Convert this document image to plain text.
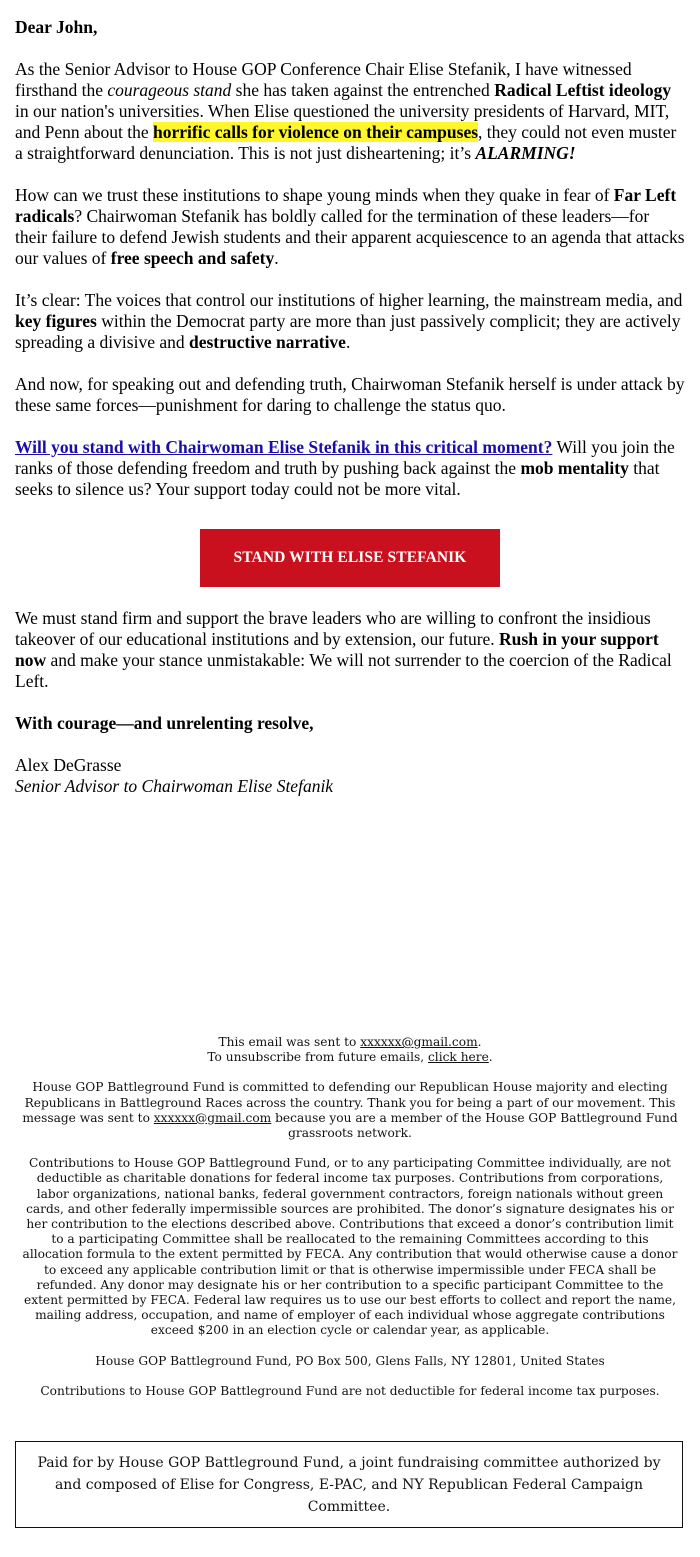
Dear John,

As the Senior Advisor to House GOP Conference Chair Elise Stefanik, I have witnessed firsthand the courageous stand she has taken against the entrenched Radical Leftist ideology in our nation's universities. When Elise questioned the university presidents of Harvard, MIT, and Penn about the horrific calls for violence on their campuses, they could not even muster a straightforward denunciation. This is not just disheartening; it’s ALARMING!

How can we trust these institutions to shape young minds when they quake in fear of Far Left radicals? Chairwoman Stefanik has boldly called for the termination of these leaders—for their failure to defend Jewish students and their apparent acquiescence to an agenda that attacks our values of free speech and safety.

It’s clear: The voices that control our institutions of higher learning, the mainstream media, and key figures within the Democrat party are more than just passively complicit; they are actively spreading a divisive and destructive narrative.

And now, for speaking out and defending truth, Chairwoman Stefanik herself is under attack by these same forces—punishment for daring to challenge the status quo.

Will you stand with Chairwoman Elise Stefanik in this critical moment? Will you join the ranks of those defending freedom and truth by pushing back against the mob mentality that seeks to silence us? Your support today could not be more vital.

STAND WITH ELISE STEFANIK

We must stand firm and support the brave leaders who are willing to confront the insidious takeover of our educational institutions and by extension, our future. Rush in your support now and make your stance unmistakable: We will not surrender to the coercion of the Radical Left.

With courage—and unrelenting resolve,

Alex DeGrasse

Senior Advisor to Chairwoman Elise Stefanik

This email was sent to xxxxxx@gmail.com.
To unsubscribe from future emails, click here.

House GOP Battleground Fund is committed to defending our Republican House majority and electing Republicans in Battleground Races across the country. Thank you for being a part of our movement. This message was sent to xxxxxx@gmail.com because you are a member of the House GOP Battleground Fund grassroots network.

Contributions to House GOP Battleground Fund, or to any participating Committee individually, are not deductible as charitable donations for federal income tax purposes. Contributions from corporations, labor organizations, national banks, federal government contractors, foreign nationals without green cards, and other federally impermissible sources are prohibited. The donor’s signature designates his or her contribution to the elections described above. Contributions that exceed a donor’s contribution limit to a participating Committee shall be reallocated to the remaining Committees according to this allocation formula to the extent permitted by FECA. Any contribution that would otherwise cause a donor to exceed any applicable contribution limit or that is otherwise impermissible under FECA shall be refunded. Any donor may designate his or her contribution to a specific participant Committee to the extent permitted by FECA. Federal law requires us to use our best efforts to collect and report the name, mailing address, occupation, and name of employer of each individual whose aggregate contributions exceed $200 in an election cycle or calendar year, as applicable.

House GOP Battleground Fund, PO Box 500, Glens Falls, NY 12801, United States

Contributions to House GOP Battleground Fund are not deductible for federal income tax purposes.

Paid for by House GOP Battleground Fund, a joint fundraising committee authorized by and composed of Elise for Congress, E-PAC, and NY Republican Federal Campaign Committee.
